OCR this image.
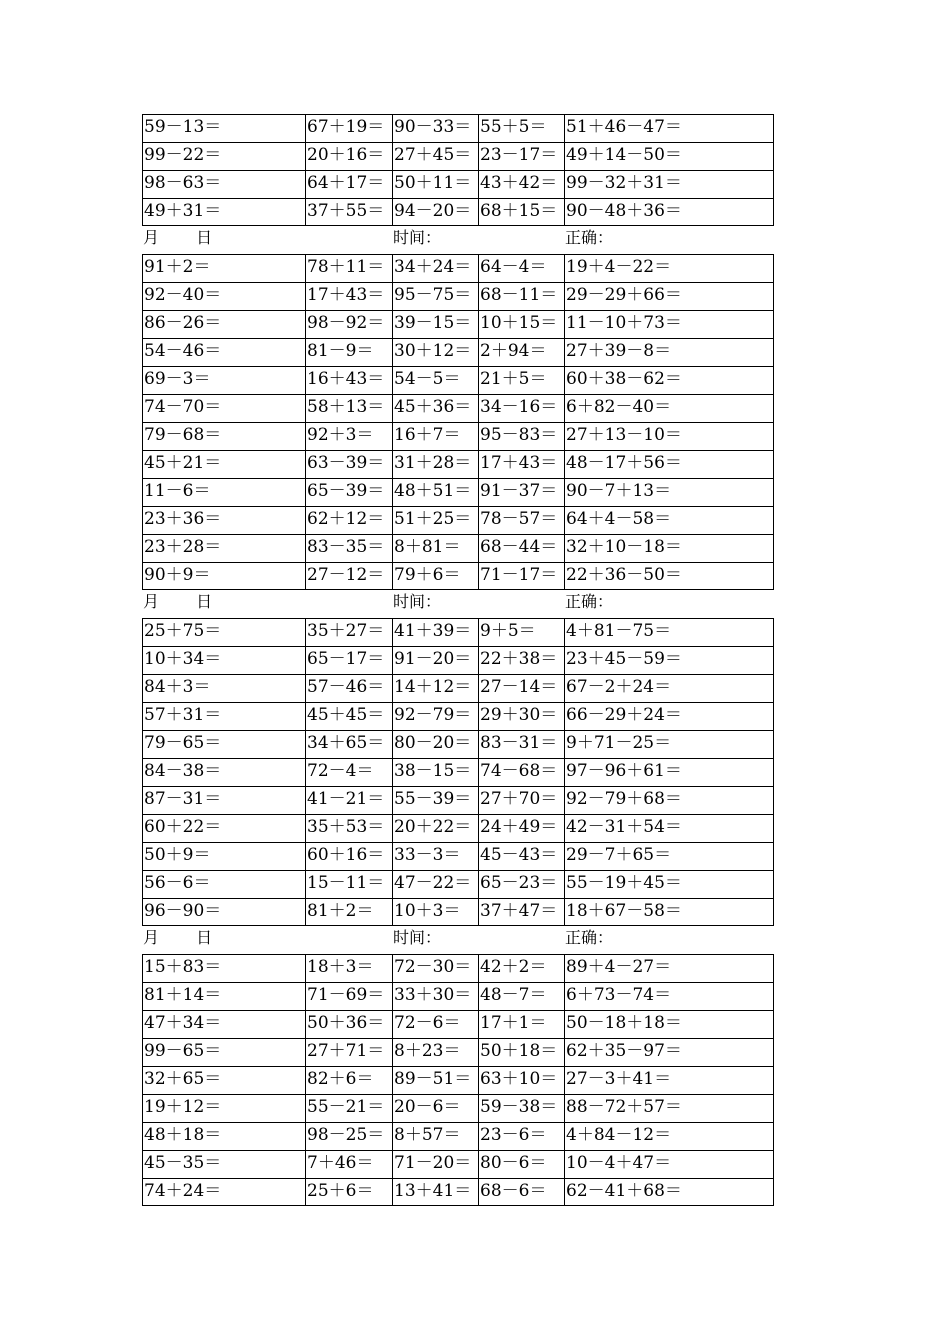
59－13＝	67＋19＝ 90－33＝ 55＋5＝	51＋46－47＝
99－22＝	20＋16＝ 27＋45＝ 23－17＝ 49＋14－50＝
98－63＝	64＋17＝ 50＋11＝ 43＋42＝ 99－32＋31＝
49＋31＝	37＋55＝ 94－20＝ 68＋15＝ 90－48＋36＝
月　　 日	时间：	正确：
91＋2＝	78＋11＝ 34＋24＝ 64－4＝	19＋4－22＝
92－40＝	17＋43＝ 95－75＝ 68－11＝ 29－29＋66＝
86－26＝	98－92＝ 39－15＝ 10＋15＝ 11－10＋73＝
54－46＝	81－9＝	30＋12＝ 2＋94＝	27＋39－8＝
69－3＝	16＋43＝ 54－5＝	21＋5＝	60＋38－62＝
74－70＝	58＋13＝ 45＋36＝ 34－16＝ 6＋82－40＝
79－68＝	92＋3＝	16＋7＝	95－83＝ 27＋13－10＝
45＋21＝	63－39＝ 31＋28＝ 17＋43＝ 48－17＋56＝
11－6＝	65－39＝ 48＋51＝ 91－37＝ 90－7＋13＝
23＋36＝	62＋12＝ 51＋25＝ 78－57＝ 64＋4－58＝
23＋28＝	83－35＝ 8＋81＝	68－44＝ 32＋10－18＝
90＋9＝	27－12＝ 79＋6＝	71－17＝ 22＋36－50＝
月　　 日	时间：	正确：
25＋75＝	35＋27＝ 41＋39＝ 9＋5＝	4＋81－75＝
10＋34＝	65－17＝ 91－20＝ 22＋38＝ 23＋45－59＝
84＋3＝	57－46＝ 14＋12＝ 27－14＝ 67－2＋24＝
57＋31＝	45＋45＝ 92－79＝ 29＋30＝ 66－29＋24＝
79－65＝	34＋65＝ 80－20＝ 83－31＝ 9＋71－25＝
84－38＝	72－4＝	38－15＝ 74－68＝ 97－96＋61＝
87－31＝	41－21＝ 55－39＝ 27＋70＝ 92－79＋68＝
60＋22＝	35＋53＝ 20＋22＝ 24＋49＝ 42－31＋54＝
50＋9＝	60＋16＝ 33－3＝	45－43＝ 29－7＋65＝
56－6＝	15－11＝ 47－22＝ 65－23＝ 55－19＋45＝
96－90＝	81＋2＝	10＋3＝	37＋47＝ 18＋67－58＝
月　　 日	时间：	正确：
15＋83＝	18＋3＝	72－30＝ 42＋2＝	89＋4－27＝
81＋14＝	71－69＝ 33＋30＝ 48－7＝	6＋73－74＝
47＋34＝	50＋36＝ 72－6＝	17＋1＝	50－18＋18＝
99－65＝	27＋71＝ 8＋23＝	50＋18＝ 62＋35－97＝
32＋65＝	82＋6＝	89－51＝ 63＋10＝ 27－3＋41＝
19＋12＝	55－21＝ 20－6＝	59－38＝ 88－72＋57＝
48＋18＝	98－25＝ 8＋57＝	23－6＝	4＋84－12＝
45－35＝	7＋46＝	71－20＝ 80－6＝	10－4＋47＝
74＋24＝	25＋6＝	13＋41＝ 68－6＝	62－41＋68＝
